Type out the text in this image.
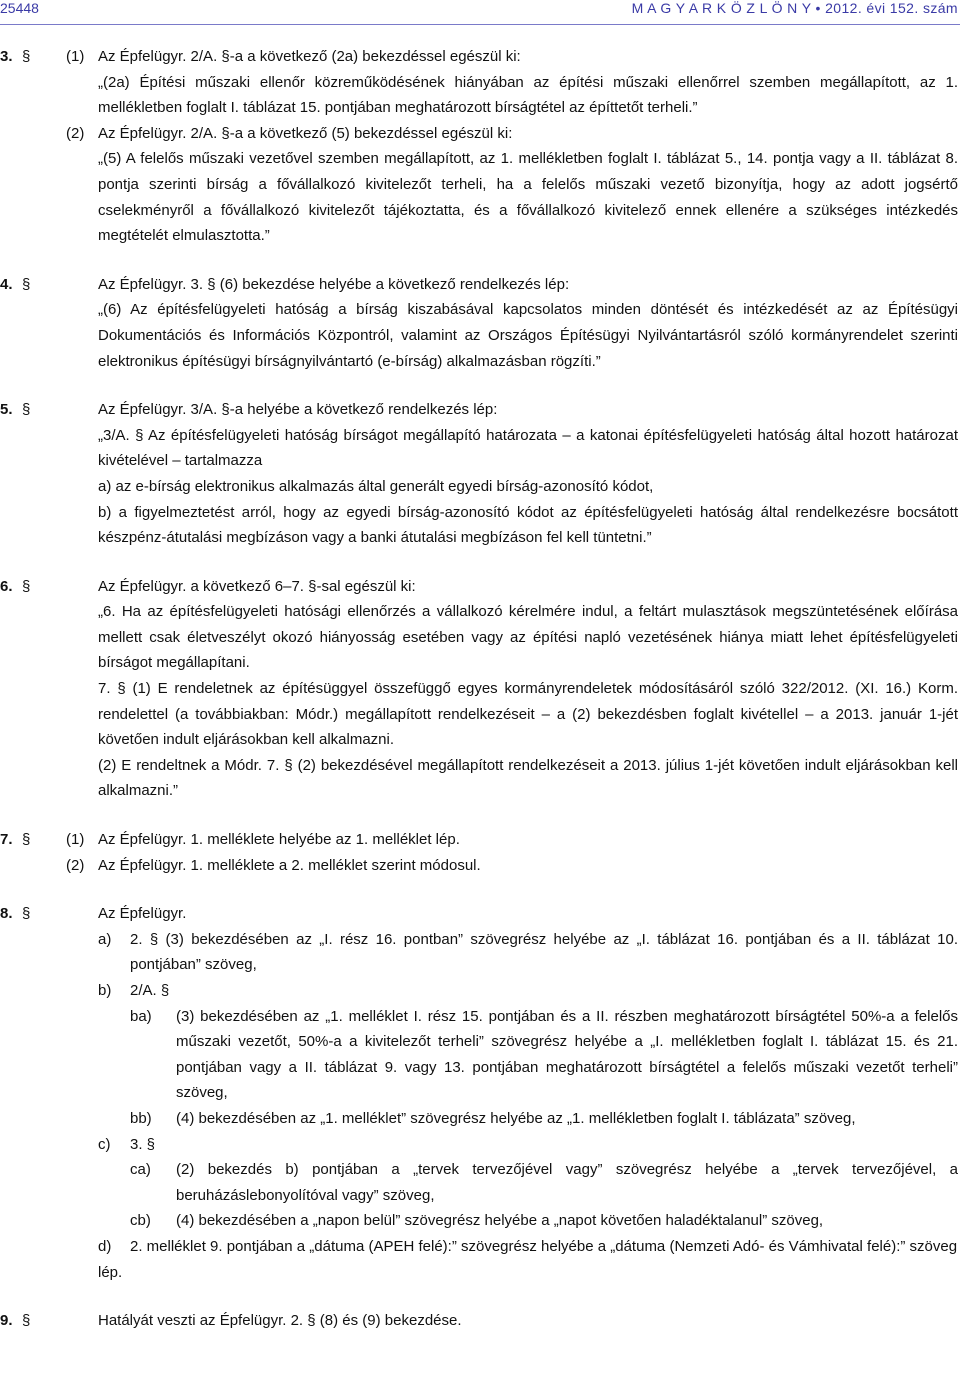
25448	M A G Y A R K Ö Z L Ö N Y • 2012. évi 152. szám
3. § (1) Az Épfelügyr. 2/A. §-a a következő (2a) bekezdéssel egészül ki:

„(2a) Építési műszaki ellenőr közreműködésének hiányában az építési műszaki ellenőrrel szemben megállapított, az 1. mellékletben foglalt I. táblázat 15. pontjában meghatározott bírságtétel az építtetőt terheli.”

(2) Az Épfelügyr. 2/A. §-a a következő (5) bekezdéssel egészül ki:

„(5) A felelős műszaki vezetővel szemben megállapított, az 1. mellékletben foglalt I. táblázat 5., 14. pontja vagy a II. táblázat 8. pontja szerinti bírság a fővállalkozó kivitelezőt terheli, ha a felelős műszaki vezető bizonyítja, hogy az adott jogsértő cselekményről a fővállalkozó kivitelezőt tájékoztatta, és a fővállalkozó kivitelező ennek ellenére a szükséges intézkedés megtételét elmulasztotta.”

4. §	Az Épfelügyr. 3. § (6) bekezdése helyébe a következő rendelkezés lép:

„(6) Az építésfelügyeleti hatóság a bírság kiszabásával kapcsolatos minden döntését és intézkedését az az Építésügyi Dokumentációs és Információs Központról, valamint az Országos Építésügyi Nyilvántartásról szóló kormányrendelet szerinti elektronikus építésügyi bírságnyilvántartó (e-bírság) alkalmazásban rögzíti.”

5. §	Az Épfelügyr. 3/A. §-a helyébe a következő rendelkezés lép:

„3/A. § Az építésfelügyeleti hatóság bírságot megállapító határozata – a katonai építésfelügyeleti hatóság által hozott határozat kivételével – tartalmazza

a) az e-bírság elektronikus alkalmazás által generált egyedi bírság-azonosító kódot,

b) a figyelmeztetést arról, hogy az egyedi bírság-azonosító kódot az építésfelügyeleti hatóság által rendelkezésre bocsátott készpénz-átutalási megbízáson vagy a banki átutalási megbízáson fel kell tüntetni.”

6. §	Az Épfelügyr. a következő 6–7. §-sal egészül ki:

„6. Ha az építésfelügyeleti hatósági ellenőrzés a vállalkozó kérelmére indul, a feltárt mulasztások megszüntetésének előírása mellett csak életveszélyt okozó hiányosság esetében vagy az építési napló vezetésének hiánya miatt lehet építésfelügyeleti bírságot megállapítani.

7. § (1) E rendeletnek az építésüggyel összefüggő egyes kormányrendeletek módosításáról szóló 322/2012. (XI. 16.) Korm. rendelettel (a továbbiakban: Módr.) megállapított rendelkezéseit – a (2) bekezdésben foglalt kivétellel – a 2013. január 1-jét követően indult eljárásokban kell alkalmazni.

(2) E rendeltnek a Módr. 7. § (2) bekezdésével megállapított rendelkezéseit a 2013. július 1-jét követően indult eljárásokban kell alkalmazni.”

7. § (1) Az Épfelügyr. 1. melléklete helyébe az 1. melléklet lép.

(2) Az Épfelügyr. 1. melléklete a 2. melléklet szerint módosul.

8. §	Az Épfelügyr.

a) 2. § (3) bekezdésében az „I. rész 16. pontban” szövegrész helyébe az „I. táblázat 16. pontjában és a II. táblázat 10. pontjában” szöveg,

b) 2/A. §

ba) (3) bekezdésében az „1. melléklet I. rész 15. pontjában és a II. részben meghatározott bírságtétel 50%-a a felelős műszaki vezetőt, 50%-a a kivitelezőt terheli” szövegrész helyébe a „I. mellékletben foglalt I. táblázat 15. és 21. pontjában vagy a II. táblázat 9. vagy 13. pontjában meghatározott bírságtétel a felelős műszaki vezetőt terheli” szöveg,

bb) (4) bekezdésében az „1. melléklet” szövegrész helyébe az „1. mellékletben foglalt I. táblázata” szöveg,

c) 3. §

ca) (2) bekezdés b) pontjában a „tervek tervezőjével vagy” szövegrész helyébe a „tervek tervezőjével, a beruházáslebonyolítóval vagy” szöveg,

cb) (4) bekezdésében a „napon belül” szövegrész helyébe a „napot követően haladéktalanul” szöveg,

d) 2. melléklet 9. pontjában a „dátuma (APEH felé):” szövegrész helyébe a „dátuma (Nemzeti Adó- és Vámhivatal felé):” szöveg

lép.

9. §	Hatályát veszti az Épfelügyr. 2. § (8) és (9) bekezdése.
